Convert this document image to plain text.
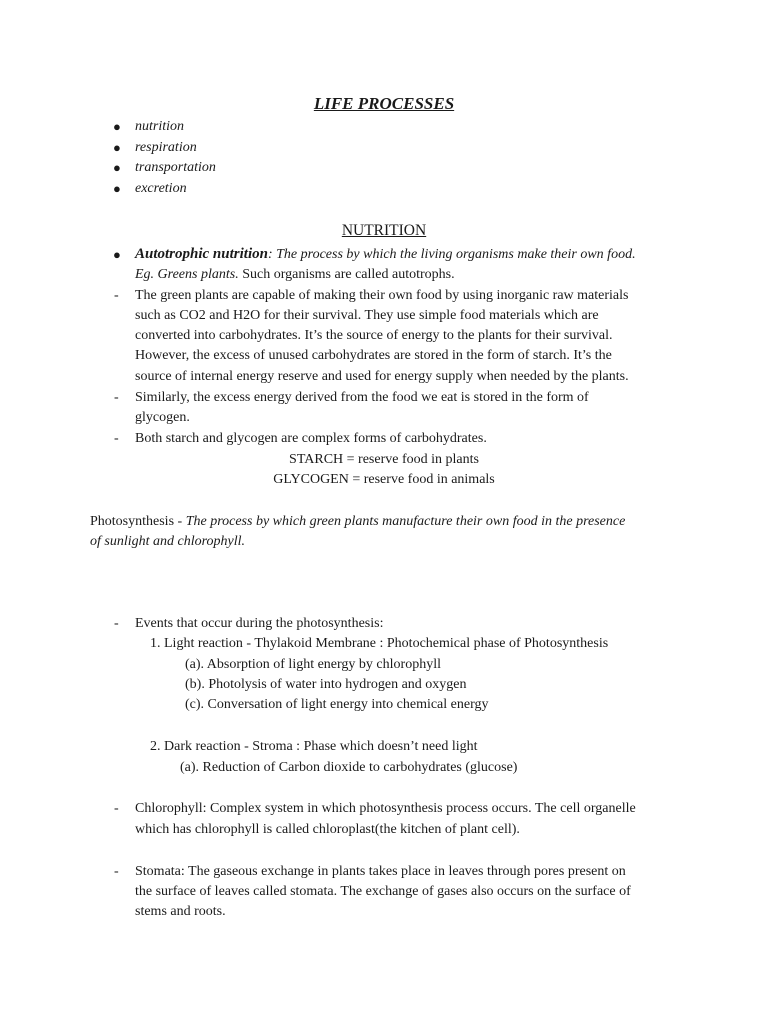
LIFE PROCESSES
● nutrition
● respiration
● transportation
● excretion
NUTRITION
● Autotrophic nutrition: The process by which the living organisms make their own food.
Eg. Greens plants. Such organisms are called autotrophs.
- The green plants are capable of making their own food by using inorganic raw materials
such as CO2 and H2O for their survival. They use simple food materials which are
converted into carbohydrates. It’s the source of energy to the plants for their survival.
However, the excess of unused carbohydrates are stored in the form of starch. It’s the
source of internal energy reserve and used for energy supply when needed by the plants.
- Similarly, the excess energy derived from the food we eat is stored in the form of
glycogen.
- Both starch and glycogen are complex forms of carbohydrates.
STARCH = reserve food in plants
GLYCOGEN = reserve food in animals
Photosynthesis - The process by which green plants manufacture their own food in the presence
of sunlight and chlorophyll.
- Events that occur during the photosynthesis:
1. Light reaction - Thylakoid Membrane : Photochemical phase of Photosynthesis
(a). Absorption of light energy by chlorophyll
(b). Photolysis of water into hydrogen and oxygen
(c). Conversation of light energy into chemical energy
2. Dark reaction - Stroma : Phase which doesn’t need light
(a). Reduction of Carbon dioxide to carbohydrates (glucose)
- Chlorophyll: Complex system in which photosynthesis process occurs. The cell organelle
which has chlorophyll is called chloroplast(the kitchen of plant cell).
- Stomata: The gaseous exchange in plants takes place in leaves through pores present on
the surface of leaves called stomata. The exchange of gases also occurs on the surface of
stems and roots.
